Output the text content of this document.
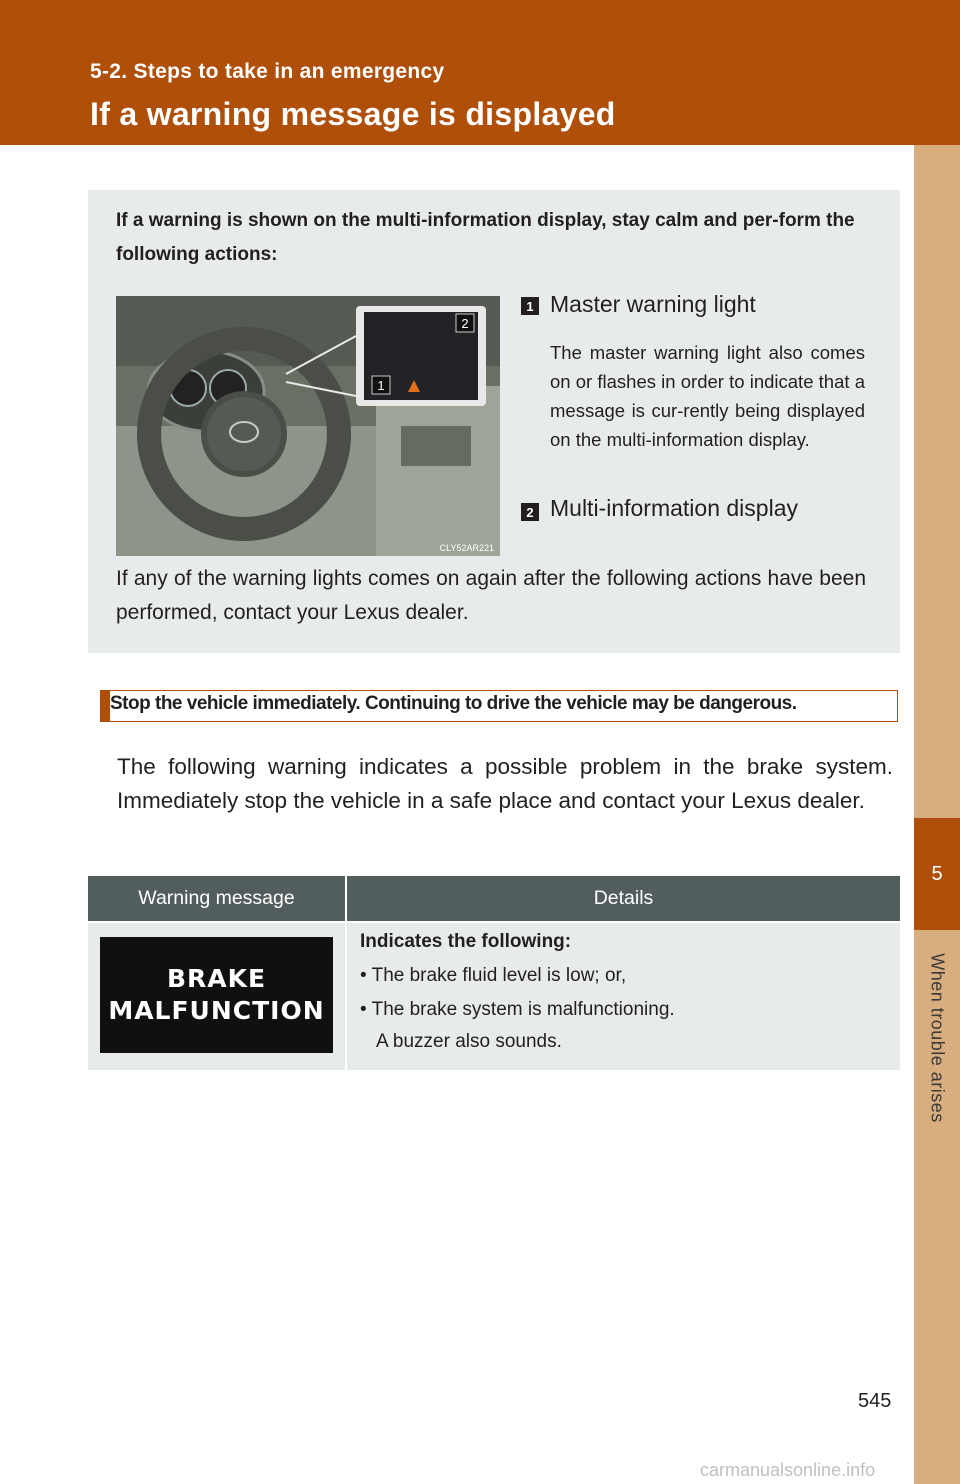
5-2. Steps to take in an emergency
If a warning message is displayed
5
When trouble arises
If a warning is shown on the multi-information display, stay calm and per-form the following actions:
2
1
CLY52AR221
1 Master warning light
The master warning light also comes on or flashes in order to indicate that a message is cur-rently being displayed on the multi-information display.
2 Multi-information display
If any of the warning lights comes on again after the following actions have been performed, contact your Lexus dealer.
Stop the vehicle immediately. Continuing to drive the vehicle may be dangerous.
The following warning indicates a possible problem in the brake system. Immediately stop the vehicle in a safe place and contact your Lexus dealer.
Warning message	Details
BRAKE
MALFUNCTION
Indicates the following:
• The brake fluid level is low; or,
• The brake system is malfunctioning.
A buzzer also sounds.
545
carmanualsonline.info
